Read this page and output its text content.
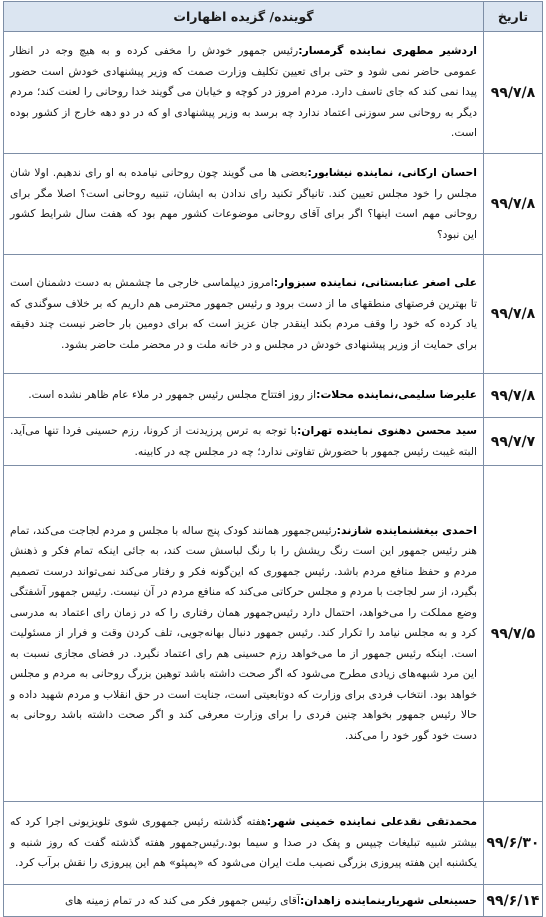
تاریخ	گوینده/ گزیده اظهارات
۹۹/۷/۸	اردشیر مطهری نماینده گرمسار:رئیس جمهور خودش را مخفی کرده و به هیچ وجه در انظار عمومی حاضر نمی شود و حتی برای تعیین تکلیف وزارت صمت که وزیر پیشنهادی خودش است حضور پیدا نمی کند که جای تاسف دارد. مردم امروز در کوچه و خیابان می گویند خدا روحانی را لعنت کند؛ مردم دیگر به روحانی سر سوزنی اعتماد ندارد چه برسد به وزیر پیشنهادی او که در دو دهه خارج از کشور بوده است.
۹۹/۷/۸	احسان ارکانی، نماینده نیشابور:بعضی ها می گویند چون روحانی نیامده به او رای ندهیم. اولا شان مجلس را خود مجلس تعیین کند. تانیاگر تکنید رای ندادن به ایشان، تنبیه روحانی است؟ اصلا مگر برای روحانی مهم است اینها؟ اگر برای آقای روحانی موضوعات کشور مهم بود که هفت سال شرایط کشور این نبود؟
۹۹/۷/۸	علی اصغر عنابستانی، نماینده سبزوار:امروز دیپلماسی خارجی ما چشمش به دست دشمنان است تا بهترین فرصتهای منطقهای ما از دست برود و رئیس جمهور محترمی هم داریم که بر خلاف سوگندی که یاد کرده که خود را وقف مردم بکند اینقدر جان عزیز است که برای دومین بار حاضر نیست چند دقیقه برای حمایت از وزیر پیشنهادی خودش در مجلس و در خانه ملت و در محضر ملت حاضر بشود.
۹۹/۷/۸	علیرضا سلیمی،نماینده محلات:از روز افتتاح مجلس رئیس جمهور در ملاء عام ظاهر نشده است.
۹۹/۷/۷	سید محسن دهنوی نماینده تهران:با توجه به ترس پرزیدنت از کرونا، رزم حسینی فردا تنها می‌آید. البته غیبت رئیس جمهور با حضورش تفاوتی ندارد؛ چه در مجلس چه در کابینه.
۹۹/۷/۵	احمدی بیغشنماینده شازند:رئیس‌جمهور همانند کودک پنج ساله با مجلس و مردم لجاجت می‌کند، تمام هنر رئیس جمهور این است رنگ ریشش را با رنگ لباسش ست کند، به جائی اینکه تمام فکر و ذهنش مردم و حفظ منافع مردم باشد. رئیس جمهوری که این‌گونه فکر و رفتار می‌کند نمی‌تواند درست تصمیم بگیرد، از سر لجاجت با مردم و مجلس حرکاتی می‌کند که منافع مردم در آن نیست. رئیس جمهور آشفتگی وضع مملکت را می‌خواهد، احتمال دارد رئیس‌جمهور همان رفتاری را که در زمان رای اعتماد به مدرسی کرد و به مجلس نیامد را تکرار کند. رئیس جمهور دنبال بهانه‌جویی، تلف کردن وقت و فرار از مسئولیت است. اینکه رئیس جمهور از ما می‌خواهد رزم حسینی هم رای اعتماد نگیرد. در فضای مجازی نسبت به این مرد شبهه‌های زیادی مطرح می‌شود که اگر صحت داشته باشد توهین بزرگ روحانی به مردم و مجلس خواهد بود. انتخاب فردی برای وزارت که دوتابعیتی است، جنایت است در حق انقلاب و مردم شهید داده و حالا رئیس جمهور بخواهد چنین فردی را برای وزارت معرفی کند و اگر صحت داشته باشد روحانی به دست خود گور خود را می‌کند.
۹۹/۶/۳۰	محمدتقی نقدعلی نماینده خمینی شهر:هفته گذشته رئیس جمهوری شوی تلویزیونی اجرا کرد که بیشتر شبیه تبلیغات چیپس و پفک در صدا و سیما بود.رئیس‌جمهور هفته گذشته گفت که روز شنبه و یکشنبه این هفته پیروزی بزرگی نصیب ملت ایران می‌شود که «پمپئو» هم این پیروزی را نقش برآب کرد.
۹۹/۶/۱۴	حسینعلی شهریارینماینده زاهدان:آقای رئیس جمهور فکر می کند که در تمام زمینه های
